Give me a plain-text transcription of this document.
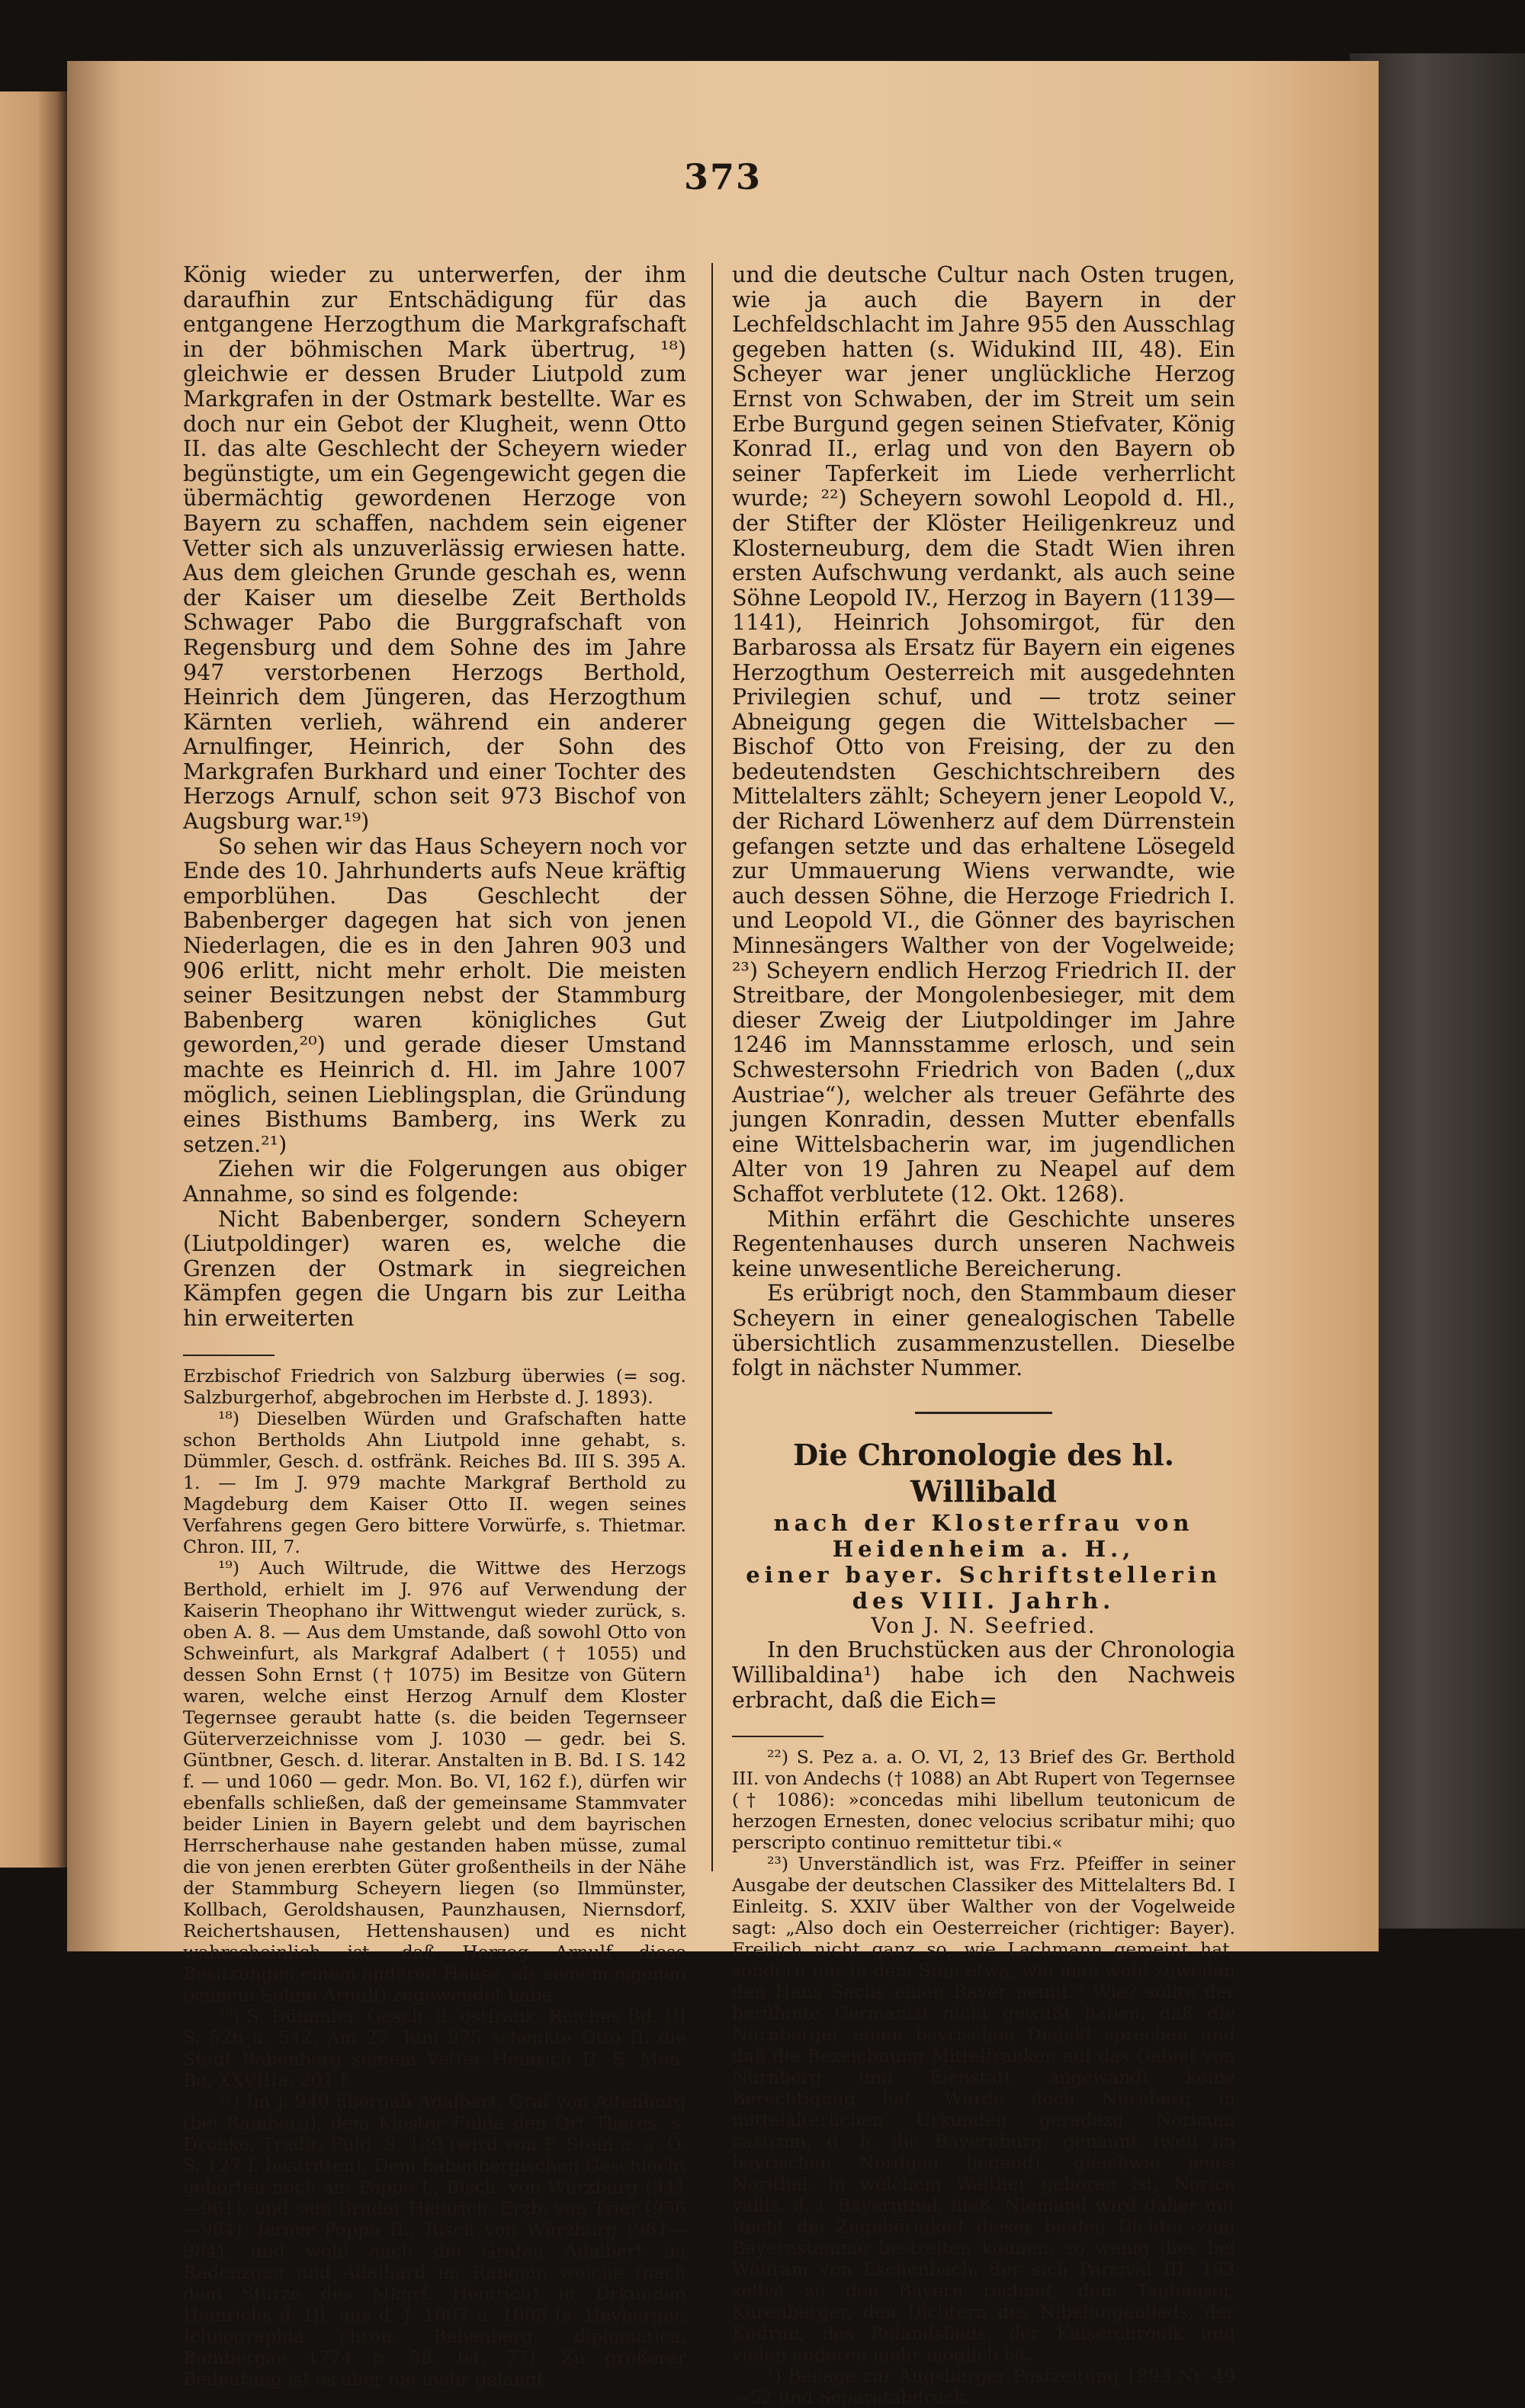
373

König wieder zu unterwerfen, der ihm daraufhin zur Entschädigung für das entgangene Herzogthum die Markgrafschaft in der böhmischen Mark übertrug, ¹⁸) gleichwie er dessen Bruder Liutpold zum Markgrafen in der Ostmark bestellte. War es doch nur ein Gebot der Klugheit, wenn Otto II. das alte Geschlecht der Scheyern wieder begünstigte, um ein Gegengewicht gegen die übermächtig gewordenen Herzoge von Bayern zu schaffen, nachdem sein eigener Vetter sich als unzuverlässig erwiesen hatte. Aus dem gleichen Grunde geschah es, wenn der Kaiser um dieselbe Zeit Bertholds Schwager Pabo die Burggrafschaft von Regensburg und dem Sohne des im Jahre 947 verstorbenen Herzogs Berthold, Heinrich dem Jüngeren, das Herzogthum Kärnten verlieh, während ein anderer Arnulfinger, Heinrich, der Sohn des Markgrafen Burkhard und einer Tochter des Herzogs Arnulf, schon seit 973 Bischof von Augsburg war.¹⁹)

So sehen wir das Haus Scheyern noch vor Ende des 10. Jahrhunderts aufs Neue kräftig emporblühen. Das Geschlecht der Babenberger dagegen hat sich von jenen Niederlagen, die es in den Jahren 903 und 906 erlitt, nicht mehr erholt. Die meisten seiner Besitzungen nebst der Stammburg Babenberg waren königliches Gut geworden,²⁰) und gerade dieser Umstand machte es Heinrich d. Hl. im Jahre 1007 möglich, seinen Lieblingsplan, die Gründung eines Bisthums Bamberg, ins Werk zu setzen.²¹)

Ziehen wir die Folgerungen aus obiger Annahme, so sind es folgende:

Nicht Babenberger, sondern Scheyern (Liutpoldinger) waren es, welche die Grenzen der Ostmark in siegreichen Kämpfen gegen die Ungarn bis zur Leitha hin erweiterten

Erzbischof Friedrich von Salzburg überwies (= sog. Salzburgerhof, abgebrochen im Herbste d. J. 1893).

¹⁸) Dieselben Würden und Grafschaften hatte schon Bertholds Ahn Liutpold inne gehabt, s. Dümmler, Gesch. d. ostfränk. Reiches Bd. III S. 395 A. 1. — Im J. 979 machte Markgraf Berthold zu Magdeburg dem Kaiser Otto II. wegen seines Verfahrens gegen Gero bittere Vorwürfe, s. Thietmar. Chron. III, 7.

¹⁹) Auch Wiltrude, die Wittwe des Herzogs Berthold, erhielt im J. 976 auf Verwendung der Kaiserin Theophano ihr Wittwengut wieder zurück, s. oben A. 8. — Aus dem Umstande, daß sowohl Otto von Schweinfurt, als Markgraf Adalbert († 1055) und dessen Sohn Ernst († 1075) im Besitze von Gütern waren, welche einst Herzog Arnulf dem Kloster Tegernsee geraubt hatte (s. die beiden Tegernseer Güterverzeichnisse vom J. 1030 — gedr. bei S. Güntbner, Gesch. d. literar. Anstalten in B. Bd. I S. 142 f. — und 1060 — gedr. Mon. Bo. VI, 162 f.), dürfen wir ebenfalls schließen, daß der gemeinsame Stammvater beider Linien in Bayern gelebt und dem bayrischen Herrscherhause nahe gestanden haben müsse, zumal die von jenen ererbten Güter großentheils in der Nähe der Stammburg Scheyern liegen (so Ilmmünster, Kollbach, Geroldshausen, Paunzhausen, Niernsdorf, Reichertshausen, Hettenshausen) und es nicht wahrscheinlich ist, daß Herzog Arnulf diese Besitzungen einem anderen Hause, als seinem eigenen (seinem Sohne Arnulf) zugewendet habe.

²⁰) S. Dümmler, Gesch. d. ostfränk. Reiches Bd. III S. 526 u. 542. Am 27. Juni 975 schenkte Otto II. die Stadt Babenberg seinem Vetter Heinrich II. S. Mon. Bo. XXVIIIa, 201 f.

²¹) Im J. 940 übergab Adalbert, Graf von Altenburg (bei Bamberg), dem Kloster Fulda den Ort Theres, s. Dronke, Tradit. Fuld. S. 139 (wird von F. Stein a. a. O. S. 127 f. bestritten). Dem babenbergischen Geschlecht gehörten noch an: Poppo I., Bisch. von Würzburg (941—961), und sein Bruder Heinrich, Erzb. von Trier (956—964), ferner Poppo II., Bisch von Würzburg (961—984), und wohl auch die Grafen Adalbert im Radenzgau und Adalhard im Rangau, welche (nach dem Sturze des Mkgrf. Heinrich) in Urkunden Heinrichs d. Hl. aus d. J. 1007 u. 1008 (s. Heyberger, Ichnographia chron. Babenberg. diplomatica, Bambergae 1774 p. 58, 64, 77). Zu größerer Bedeutung ist es aber nie mehr gelangt.

und die deutsche Cultur nach Osten trugen, wie ja auch die Bayern in der Lechfeldschlacht im Jahre 955 den Ausschlag gegeben hatten (s. Widukind III, 48). Ein Scheyer war jener unglückliche Herzog Ernst von Schwaben, der im Streit um sein Erbe Burgund gegen seinen Stiefvater, König Konrad II., erlag und von den Bayern ob seiner Tapferkeit im Liede verherrlicht wurde; ²²) Scheyern sowohl Leopold d. Hl., der Stifter der Klöster Heiligenkreuz und Klosterneuburg, dem die Stadt Wien ihren ersten Aufschwung verdankt, als auch seine Söhne Leopold IV., Herzog in Bayern (1139—1141), Heinrich Johsomirgot, für den Barbarossa als Ersatz für Bayern ein eigenes Herzogthum Oesterreich mit ausgedehnten Privilegien schuf, und — trotz seiner Abneigung gegen die Wittelsbacher — Bischof Otto von Freising, der zu den bedeutendsten Geschichtschreibern des Mittelalters zählt; Scheyern jener Leopold V., der Richard Löwenherz auf dem Dürrenstein gefangen setzte und das erhaltene Lösegeld zur Ummauerung Wiens verwandte, wie auch dessen Söhne, die Herzoge Friedrich I. und Leopold VI., die Gönner des bayrischen Minnesängers Walther von der Vogelweide; ²³) Scheyern endlich Herzog Friedrich II. der Streitbare, der Mongolenbesieger, mit dem dieser Zweig der Liutpoldinger im Jahre 1246 im Mannsstamme erlosch, und sein Schwestersohn Friedrich von Baden („dux Austriae“), welcher als treuer Gefährte des jungen Konradin, dessen Mutter ebenfalls eine Wittelsbacherin war, im jugendlichen Alter von 19 Jahren zu Neapel auf dem Schaffot verblutete (12. Okt. 1268).

Mithin erfährt die Geschichte unseres Regentenhauses durch unseren Nachweis keine unwesentliche Bereicherung.

Es erübrigt noch, den Stammbaum dieser Scheyern in einer genealogischen Tabelle übersichtlich zusammenzustellen. Dieselbe folgt in nächster Nummer.

Die Chronologie des hl. Willibald

nach der Klosterfrau von Heidenheim a. H.,

einer bayer. Schriftstellerin des VIII. Jahrh.

Von J. N. Seefried.

In den Bruchstücken aus der Chronologia Willibaldina¹) habe ich den Nachweis erbracht, daß die Eich=

²²) S. Pez a. a. O. VI, 2, 13 Brief des Gr. Berthold III. von Andechs († 1088) an Abt Rupert von Tegernsee († 1086): »concedas mihi libellum teutonicum de herzogen Ernesten, donec velocius scribatur mihi; quo perscripto continuo remittetur tibi.«

²³) Unverständlich ist, was Frz. Pfeiffer in seiner Ausgabe der deutschen Classiker des Mittelalters Bd. I Einleitg. S. XXIV über Walther von der Vogelweide sagt: „Also doch ein Oesterreicher (richtiger: Bayer). Freilich nicht ganz so, wie Lachmann gemeint hat, sondern nur in dem Sinn etwa, wie man wohl zuweilen den Hans Sachs einen Bayer nennt.“ Wie? sollte der berühmte Germanist nicht gewußt haben, daß die Nürnberger einen bayrischen Dialekt sprechen und daß die Bezeichnung Mittelfranken auf das Gebiet von Nürnberg und Eichstätt angewandt keine Berechtigung hat. Wurde doch Nürnberg in mittelalterlichen Urkunden geradezu Noricum castrum, d. h. die Bayernburg, genannt (weil im bayrischen Nordgau liegend), gleichwie jenes Norithal, in welchem Walther geboren ist, Norica vallis, d. i. Bayernthal, hieß. Niemand wird daher mit Recht die Zugehörigkeit dieser beiden Dichter zum Bayernstamme bestreiten können, so wenig dies bei Wolfram von Eschenbach, der sich Parcival III, 153 selbst zu den Bayern rechnet, dem Tanhäuser, Kürenberger, den Dichtern des Nibelungenlieds, der Kudrun, des Rolandslieds, der Kaiserchronik und vielen anderen mehr möglich ist.

¹) Beilage zur Augsburger Postzeitung 1893 Nr. 49—52 und Separatabdruck.
